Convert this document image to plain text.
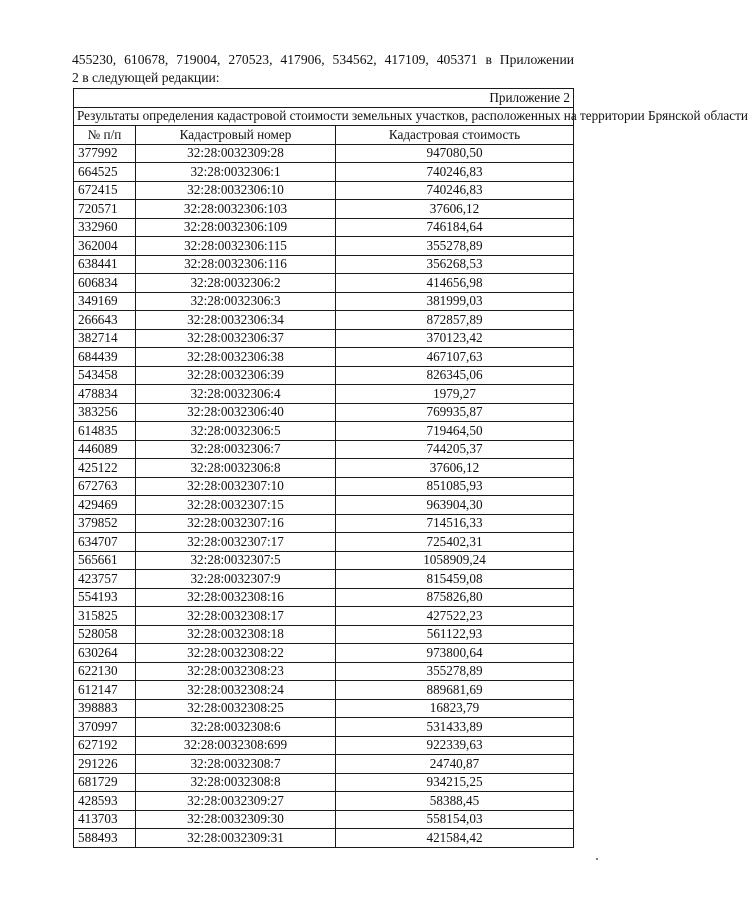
455230, 610678, 719004, 270523, 417906, 534562, 417109, 405371 в Приложении
2 в следующей редакции:
Приложение 2		
Результаты определения кадастровой стоимости земельных участков, расположенных на территории Брянской области		
№ п/п	Кадастровый номер	Кадастровая стоимость
377992	32:28:0032309:28	947080,50
664525	32:28:0032306:1	740246,83
672415	32:28:0032306:10	740246,83
720571	32:28:0032306:103	37606,12
332960	32:28:0032306:109	746184,64
362004	32:28:0032306:115	355278,89
638441	32:28:0032306:116	356268,53
606834	32:28:0032306:2	414656,98
349169	32:28:0032306:3	381999,03
266643	32:28:0032306:34	872857,89
382714	32:28:0032306:37	370123,42
684439	32:28:0032306:38	467107,63
543458	32:28:0032306:39	826345,06
478834	32:28:0032306:4	1979,27
383256	32:28:0032306:40	769935,87
614835	32:28:0032306:5	719464,50
446089	32:28:0032306:7	744205,37
425122	32:28:0032306:8	37606,12
672763	32:28:0032307:10	851085,93
429469	32:28:0032307:15	963904,30
379852	32:28:0032307:16	714516,33
634707	32:28:0032307:17	725402,31
565661	32:28:0032307:5	1058909,24
423757	32:28:0032307:9	815459,08
554193	32:28:0032308:16	875826,80
315825	32:28:0032308:17	427522,23
528058	32:28:0032308:18	561122,93
630264	32:28:0032308:22	973800,64
622130	32:28:0032308:23	355278,89
612147	32:28:0032308:24	889681,69
398883	32:28:0032308:25	16823,79
370997	32:28:0032308:6	531433,89
627192	32:28:0032308:699	922339,63
291226	32:28:0032308:7	24740,87
681729	32:28:0032308:8	934215,25
428593	32:28:0032309:27	58388,45
413703	32:28:0032309:30	558154,03
588493	32:28:0032309:31	421584,42
